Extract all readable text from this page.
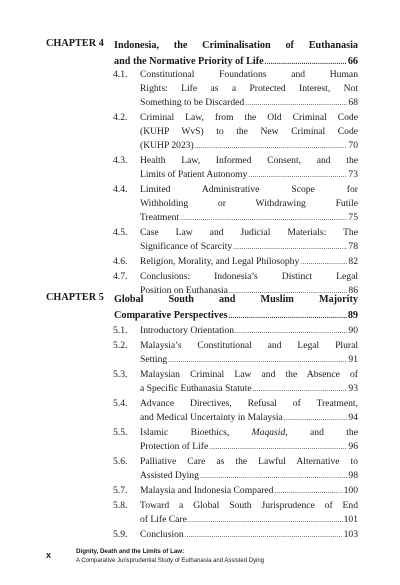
CHAPTER 4 Indonesia, the Criminalisation of Euthanasia
and the Normative Priority of Life .....	66
4.1. Constitutional Foundations and Human
Rights: Life as a Protected Interest, Not
Something to be Discarded .....	68
4.2. Criminal Law, from the Old Criminal Code
(KUHP WvS) to the New Criminal Code
(KUHP 2023) .....	70
4.3. Health Law, Informed Consent, and the
Limits of Patient Autonomy .....	73
4.4. Limited Administrative Scope for
Withholding or Withdrawing Futile
Treatment .....	75
4.5. Case Law and Judicial Materials: The
Significance of Scarcity .....	78
4.6. Religion, Morality, and Legal Philosophy .....	82
4.7. Conclusions: Indonesia’s Distinct Legal
Position on Euthanasia .....	86
CHAPTER 5 Global South and Muslim Majority
Comparative Perspectives .....	89
5.1. Introductory Orientation .....	90
5.2. Malaysia’s Constitutional and Legal Plural
Setting .....	91
5.3. Malaysian Criminal Law and the Absence of
a Specific Euthanasia Statute .....	93
5.4. Advance Directives, Refusal of Treatment,
and Medical Uncertainty in Malaysia .....	94
5.5. Islamic Bioethics, Maqasid, and the
Protection of Life .....	96
5.6. Palliative Care as the Lawful Alternative to
Assisted Dying .....	98
5.7. Malaysia and Indonesia Compared .....	100
5.8. Toward a Global South Jurisprudence of End
of Life Care .....	101
5.9. Conclusion .....	103
x	Dignity, Death and the Limits of Law:
A Comparative Jurisprudential Study of Euthanasia and Assisted Dying
